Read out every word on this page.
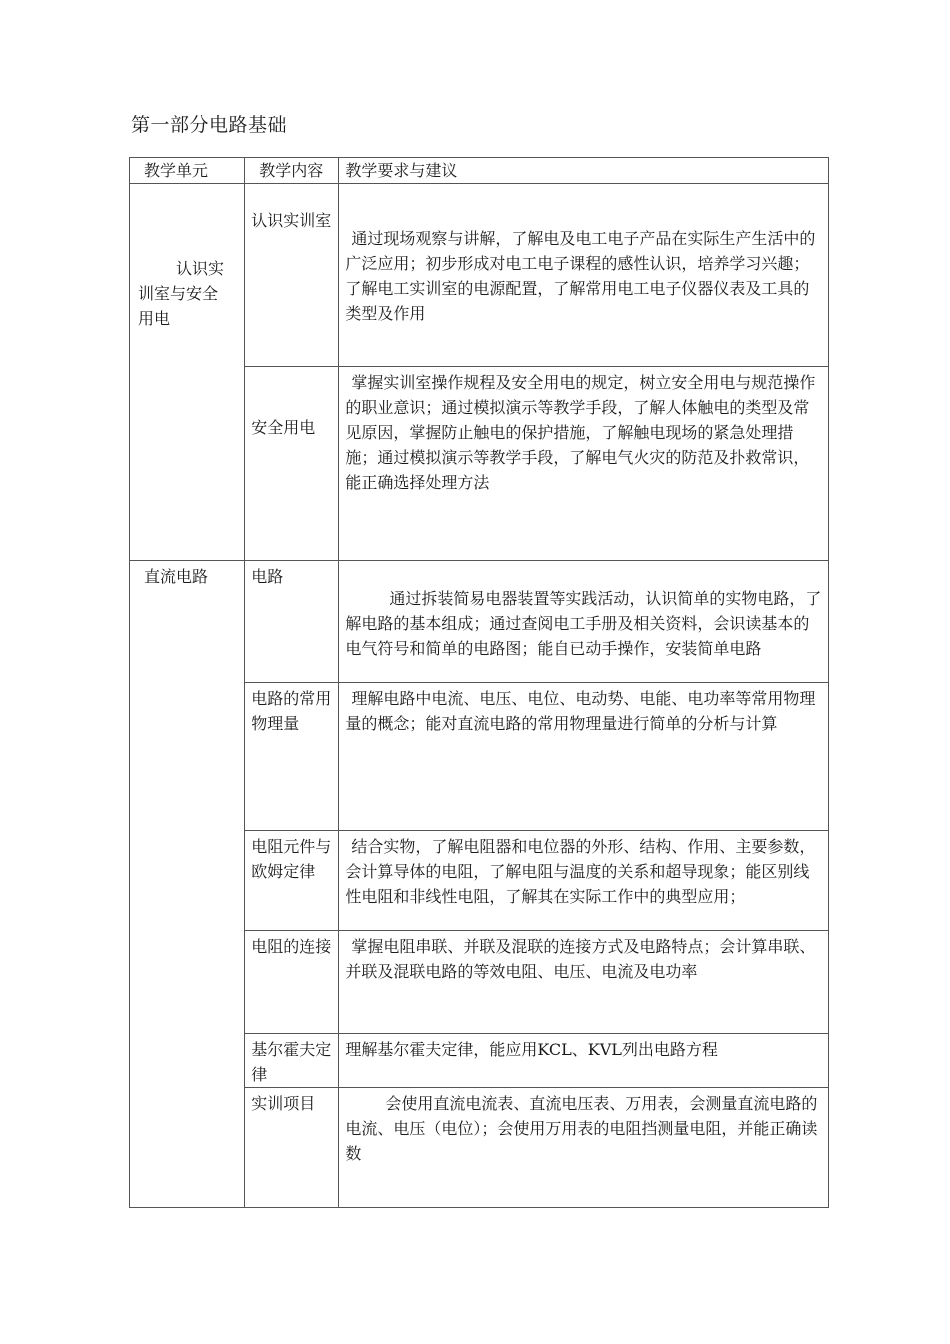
第一部分电路基础
教学单元	教学内容	教学要求与建议

认识实
训室与安全
用电	认识实训室	通过现场观察与讲解，了解电及电工电子产品在实际生产生活中的广泛应用；初步形成对电工电子课程的感性认识，培养学习兴趣；了解电工实训室的电源配置，了解常用电工电子仪器仪表及工具的类型及作用

	安全用电	掌握实训室操作规程及安全用电的规定，树立安全用电与规范操作的职业意识；通过模拟演示等教学手段，了解人体触电的类型及常见原因，掌握防止触电的保护措施，了解触电现场的紧急处理措施；通过模拟演示等教学手段，了解电气火灾的防范及扑救常识，能正确选择处理方法

直流电路	电路	通过拆装简易电器装置等实践活动，认识简单的实物电路，了解电路的基本组成；通过查阅电工手册及相关资料，会识读基本的电气符号和简单的电路图；能自已动手操作，安装简单电路

	电路的常用物理量	理解电路中电流、电压、电位、电动势、电能、电功率等常用物理量的概念；能对直流电路的常用物理量进行简单的分析与计算

	电阻元件与欧姆定律	结合实物，了解电阻器和电位器的外形、结构、作用、主要参数，会计算导体的电阻，了解电阻与温度的关系和超导现象；能区别线性电阻和非线性电阻，了解其在实际工作中的典型应用；

	电阻的连接	掌握电阻串联、并联及混联的连接方式及电路特点；会计算串联、并联及混联电路的等效电阻、电压、电流及电功率

	基尔霍夫定律	理解基尔霍夫定律，能应用KCL、KVL列出电路方程

	实训项目	会使用直流电流表、直流电压表、万用表，会测量直流电路的电流、电压（电位）；会使用万用表的电阻挡测量电阻，并能正确读数
